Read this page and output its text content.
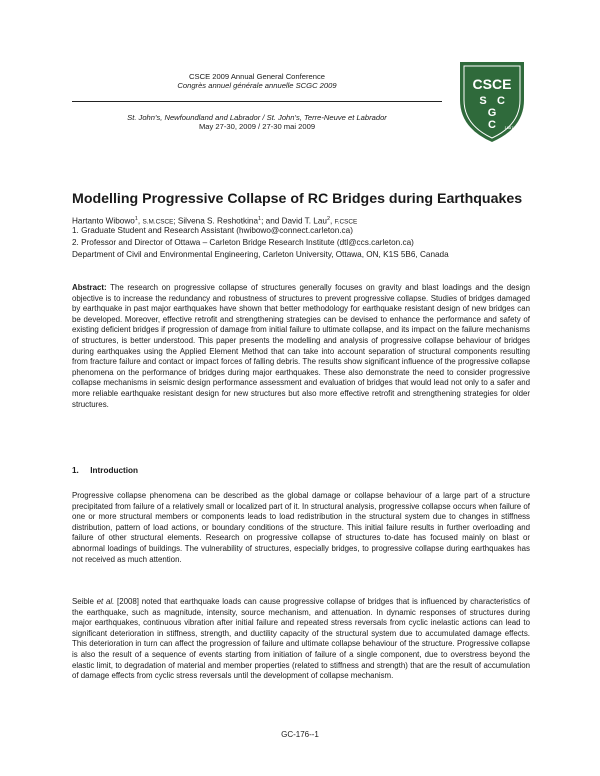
CSCE 2009 Annual General Conference
Congrès annuel générale annuelle SCGC 2009
St. John's, Newfoundland and Labrador / St. John's, Terre-Neuve et Labrador
May 27-30, 2009 / 27-30 mai 2009
CSCE
S C
G
C 1887
Modelling Progressive Collapse of RC Bridges during Earthquakes
Hartanto Wibowo$^1$, S.M.CSCE; Silvena S. Reshotkina$^1$; and David T. Lau$^2$, F.CSCE
1. Graduate Student and Research Assistant (hwibowo@connect.carleton.ca)
2. Professor and Director of Ottawa – Carleton Bridge Research Institute (dtl@ccs.carleton.ca)
Department of Civil and Environmental Engineering, Carleton University, Ottawa, ON, K1S 5B6, Canada
Abstract: The research on progressive collapse of structures generally focuses on gravity and blast loadings and the design objective is to increase the redundancy and robustness of structures to prevent progressive collapse. Studies of bridges damaged by earthquake in past major earthquakes have shown that better methodology for earthquake resistant design of new bridges can be developed. Moreover, effective retrofit and strengthening strategies can be devised to enhance the performance and safety of existing deficient bridges if progression of damage from initial failure to ultimate collapse, and its impact on the failure mechanisms of structures, is better understood. This paper presents the modelling and analysis of progressive collapse behaviour of bridges during earthquakes using the Applied Element Method that can take into account separation of structural components resulting from fracture failure and contact or impact forces of falling debris. The results show significant influence of the progressive collapse phenomena on the performance of bridges during major earthquakes. These also demonstrate the need to consider progressive collapse mechanisms in seismic design performance assessment and evaluation of bridges that would lead not only to a safer and more reliable earthquake resistant design for new structures but also more effective retrofit and strengthening strategies for older structures.
1. Introduction
Progressive collapse phenomena can be described as the global damage or collapse behaviour of a large part of a structure precipitated from failure of a relatively small or localized part of it. In structural analysis, progressive collapse occurs when failure of one or more structural members or components leads to load redistribution in the structural system due to changes in stiffness distribution, pattern of load actions, or boundary conditions of the structure. This initial failure results in further overloading and failure of other structural elements. Research on progressive collapse of structures to-date has focused mainly on blast or abnormal loadings of buildings. The vulnerability of structures, especially bridges, to progressive collapse during earthquakes has not received as much attention.
Seible et al. [2008] noted that earthquake loads can cause progressive collapse of bridges that is influenced by characteristics of the earthquake, such as magnitude, intensity, source mechanism, and attenuation. In dynamic responses of structures during major earthquakes, continuous vibration after initial failure and repeated stress reversals from cyclic inelastic actions can lead to significant deterioration in stiffness, strength, and ductility capacity of the structural system due to accumulated damage effects. This deterioration in turn can affect the progression of failure and ultimate collapse behaviour of the structure. Progressive collapse is also the result of a sequence of events starting from initiation of failure of a single component, due to overstress beyond the elastic limit, to degradation of material and member properties (related to stiffness and strength) that are the result of accumulation of damage effects from cyclic stress reversals until the development of collapse mechanism.
GC-176--1
